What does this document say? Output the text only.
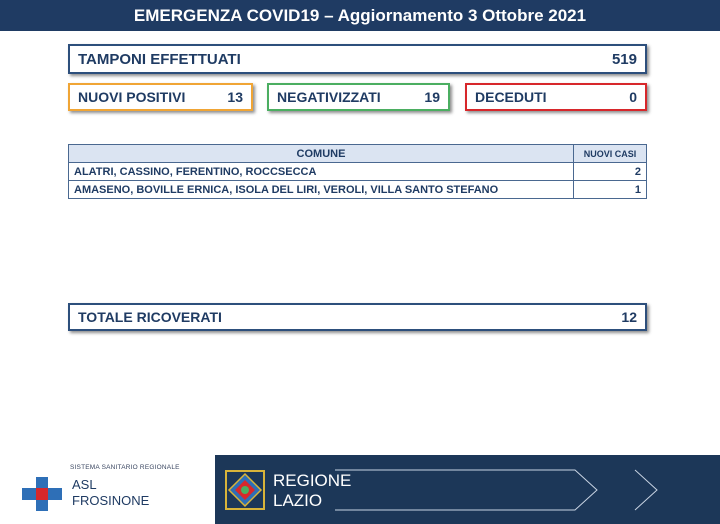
EMERGENZA COVID19 – Aggiornamento 3 Ottobre 2021
TAMPONI EFFETTUATI	519
NUOVI POSITIVI	13 NEGATIVIZZATI	19	DECEDUTI	0
COMUNE	NUOVI CASI
ALATRI, CASSINO, FERENTINO, ROCCSECCA	2
AMASENO, BOVILLE ERNICA, ISOLA DEL LIRI, VEROLI, VILLA SANTO STEFANO	1
TOTALE RICOVERATI	12
SISTEMA SANITARIO REGIONALE
ASL
FROSINONE
REGIONE
LAZIO
